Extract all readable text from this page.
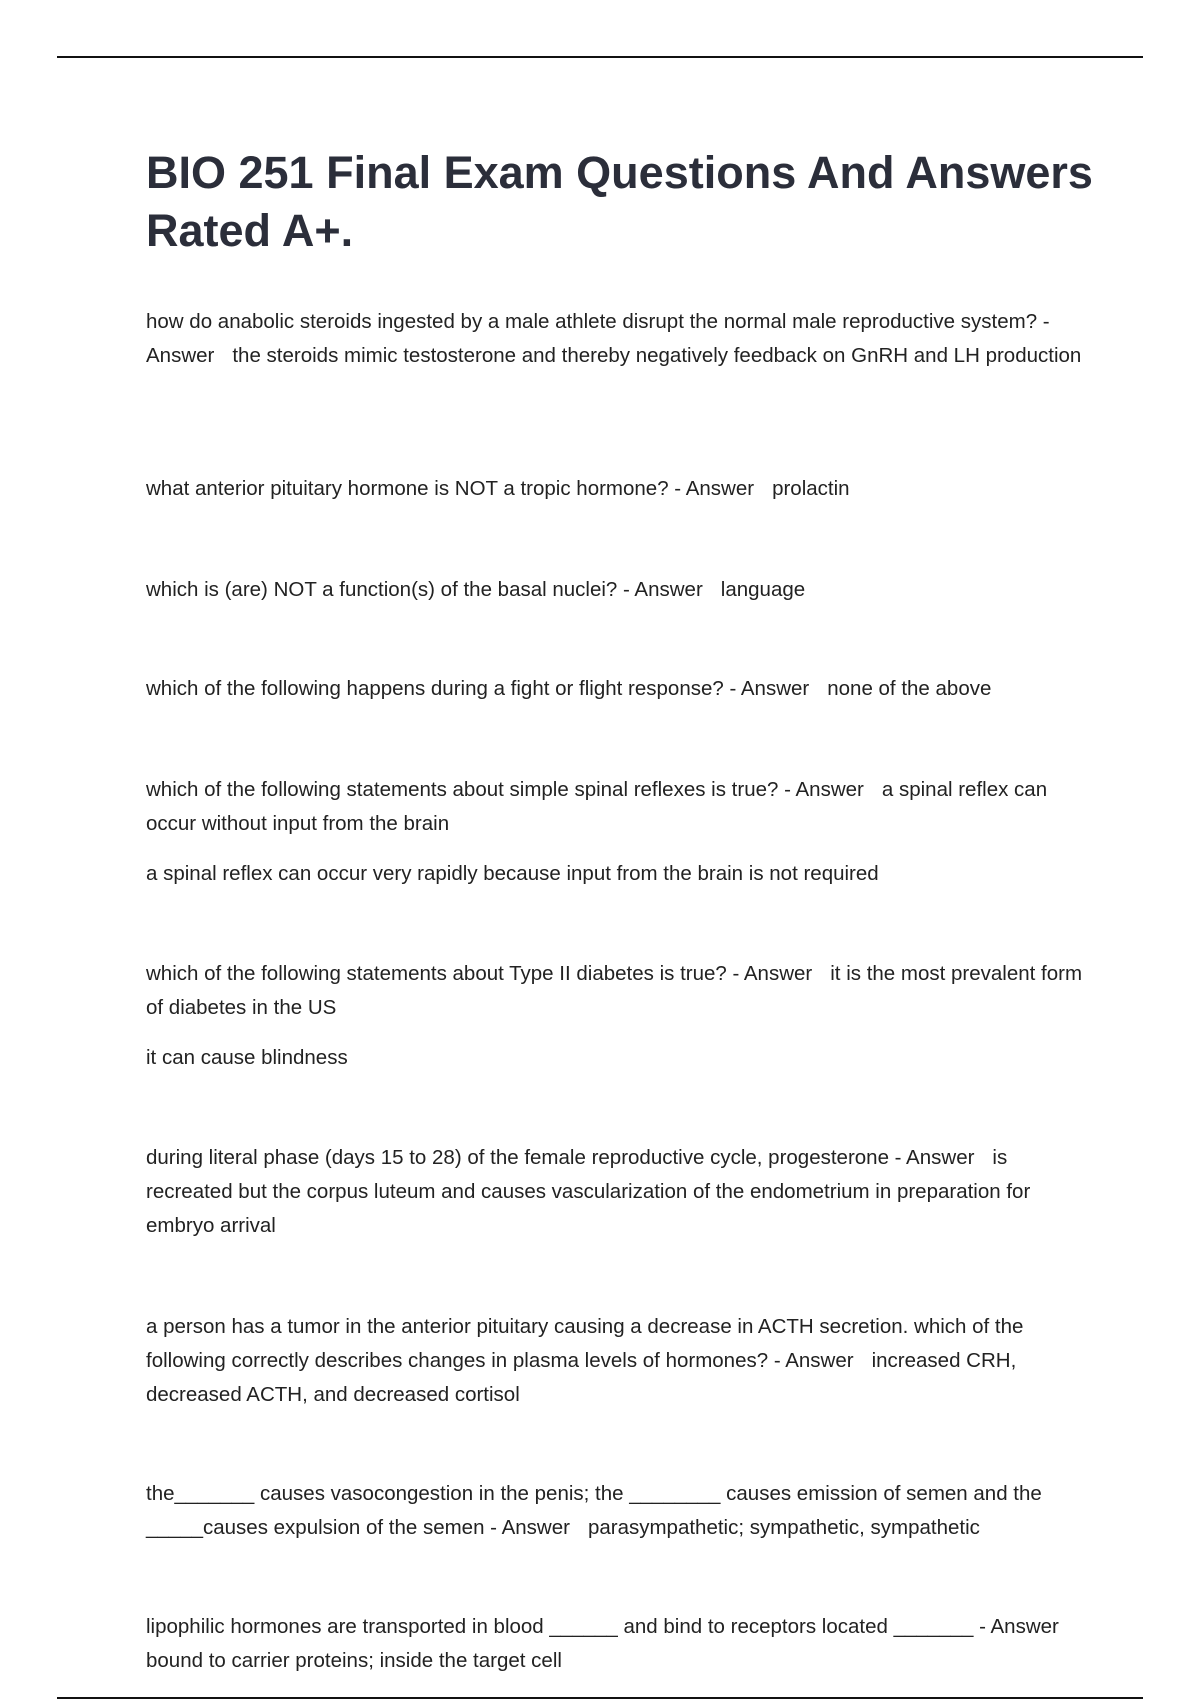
BIO 251 Final Exam Questions And Answers Rated A+.

how do anabolic steroids ingested by a male athlete disrupt the normal male reproductive system? - Answer the steroids mimic testosterone and thereby negatively feedback on GnRH and LH production

what anterior pituitary hormone is NOT a tropic hormone? - Answer prolactin

which is (are) NOT a function(s) of the basal nuclei? - Answer language

which of the following happens during a fight or flight response? - Answer none of the above

which of the following statements about simple spinal reflexes is true? - Answer a spinal reflex can occur without input from the brain

a spinal reflex can occur very rapidly because input from the brain is not required

which of the following statements about Type II diabetes is true? - Answer it is the most prevalent form of diabetes in the US

it can cause blindness

during literal phase (days 15 to 28) of the female reproductive cycle, progesterone - Answer is recreated but the corpus luteum and causes vascularization of the endometrium in preparation for embryo arrival

a person has a tumor in the anterior pituitary causing a decrease in ACTH secretion. which of the following correctly describes changes in plasma levels of hormones? - Answer increased CRH, decreased ACTH, and decreased cortisol

the_______ causes vasocongestion in the penis; the ________ causes emission of semen and the _____causes expulsion of the semen - Answer parasympathetic; sympathetic, sympathetic

lipophilic hormones are transported in blood ______ and bind to receptors located _______ - Answerbound to carrier proteins; inside the target cell
